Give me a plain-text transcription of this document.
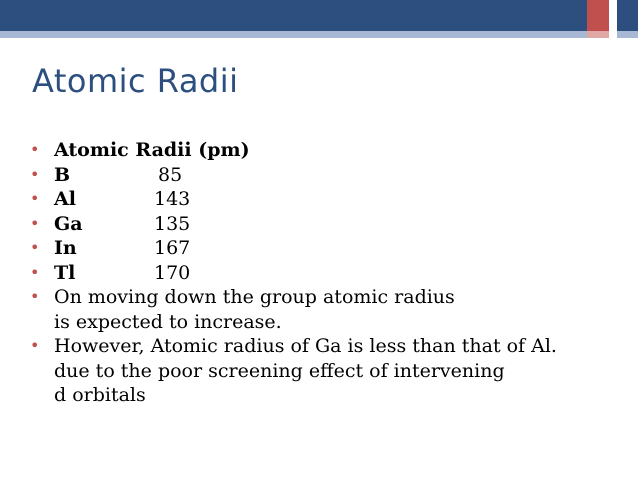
Atomic Radii
• Atomic Radii (pm)
• B	85
• Al	143
• Ga	135
• In	167
• Tl	170
• On moving down the group atomic radius
is expected to increase.
• However, Atomic radius of Ga is less than that of Al.
due to the poor screening effect of intervening
d orbitals
